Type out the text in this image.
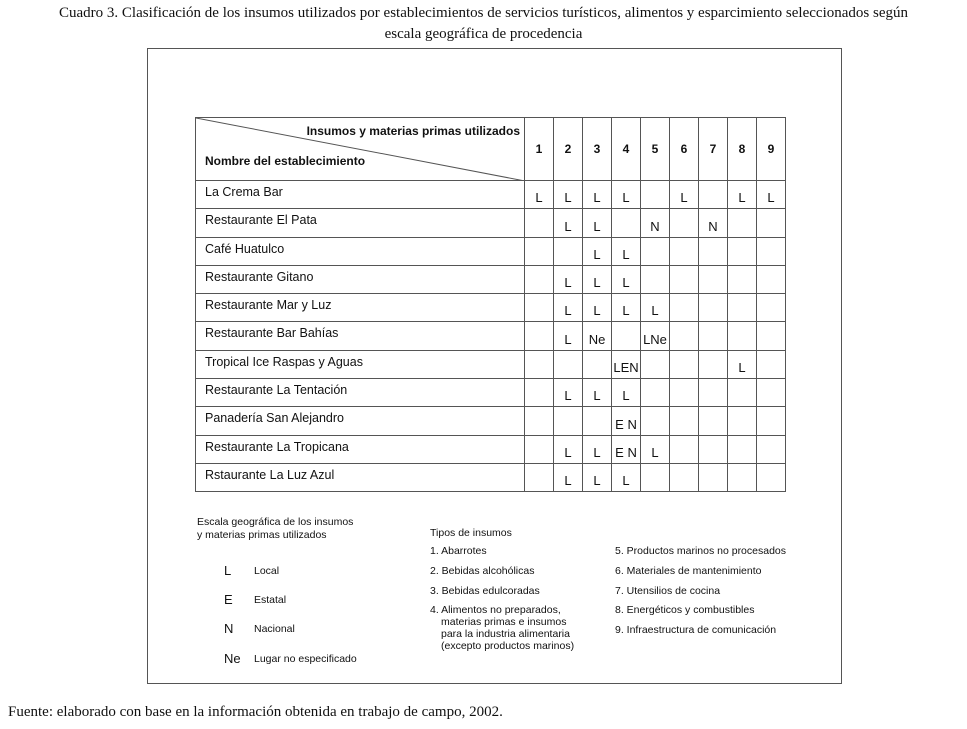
Cuadro 3. Clasificación de los insumos utilizados por establecimientos de servicios turísticos, alimentos y esparcimiento seleccionados según
escala geográfica de procedencia
Insumos y materias primas utilizados
Nombre del establecimiento	1	2	3	4	5	6	7	8	9
La Crema Bar	L	L	L	L		L		L	L
Restaurante El Pata		L	L		N		N		
Café Huatulco			L	L					
Restaurante Gitano		L	L	L					
Restaurante Mar y Luz		L	L	L	L				
Restaurante Bar Bahías		L	Ne		LNe				
Tropical Ice Raspas y Aguas				LEN				L	
Restaurante La Tentación		L	L	L					
Panadería San Alejandro				E N					
Restaurante La Tropicana		L	L	E N	L				
Rstaurante La Luz Azul		L	L	L					
Escala geográfica de los insumos
y materias primas utilizados
L Local
E Estatal
N Nacional
Ne Lugar no especificado
Tipos de insumos
1. Abarrotes
2. Bebidas alcohólicas
3. Bebidas edulcoradas
4. Alimentos no preparados,
materias primas e insumos
para la industria alimentaria
(excepto productos marinos)
5. Productos marinos no procesados
6. Materiales de mantenimiento
7. Utensilios de cocina
8. Energéticos y combustibles
9. Infraestructura de comunicación
Fuente: elaborado con base en la información obtenida en trabajo de campo, 2002.
